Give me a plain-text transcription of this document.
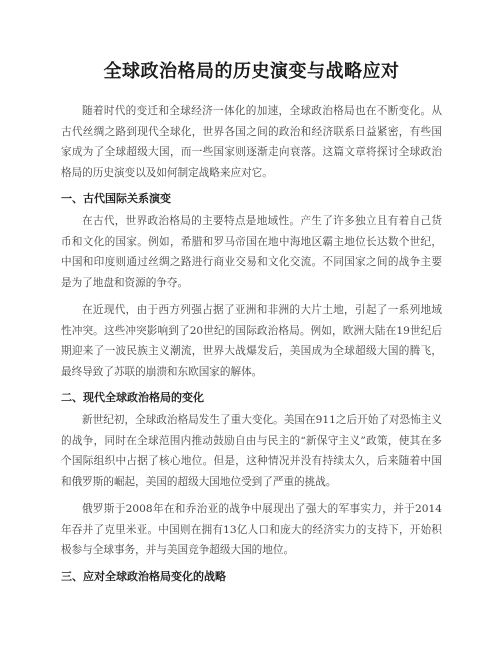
全球政治格局的历史演变与战略应对

随着时代的变迁和全球经济一体化的加速，全球政治格局也在不断变化。从古代丝绸之路到现代全球化，世界各国之间的政治和经济联系日益紧密，有些国家成为了全球超级大国，而一些国家则逐渐走向衰落。这篇文章将探讨全球政治格局的历史演变以及如何制定战略来应对它。

一、古代国际关系演变

在古代，世界政治格局的主要特点是地域性。产生了许多独立且有着自己货币和文化的国家。例如，希腊和罗马帝国在地中海地区霸主地位长达数个世纪，中国和印度则通过丝绸之路进行商业交易和文化交流。不同国家之间的战争主要是为了地盘和资源的争夺。

在近现代，由于西方列强占据了亚洲和非洲的大片土地，引起了一系列地域性冲突。这些冲突影响到了20世纪的国际政治格局。例如，欧洲大陆在19世纪后期迎来了一波民族主义潮流，世界大战爆发后，美国成为全球超级大国的腾飞，最终导致了苏联的崩溃和东欧国家的解体。

二、现代全球政治格局的变化

新世纪初，全球政治格局发生了重大变化。美国在911之后开始了对恐怖主义的战争，同时在全球范围内推动鼓励自由与民主的“新保守主义”政策，使其在多个国际组织中占据了核心地位。但是，这种情况并没有持续太久，后来随着中国和俄罗斯的崛起，美国的超级大国地位受到了严重的挑战。

俄罗斯于2008年在和乔治亚的战争中展现出了强大的军事实力，并于2014年吞并了克里米亚。中国则在拥有13亿人口和庞大的经济实力的支持下，开始积极参与全球事务，并与美国竞争超级大国的地位。

三、应对全球政治格局变化的战略
